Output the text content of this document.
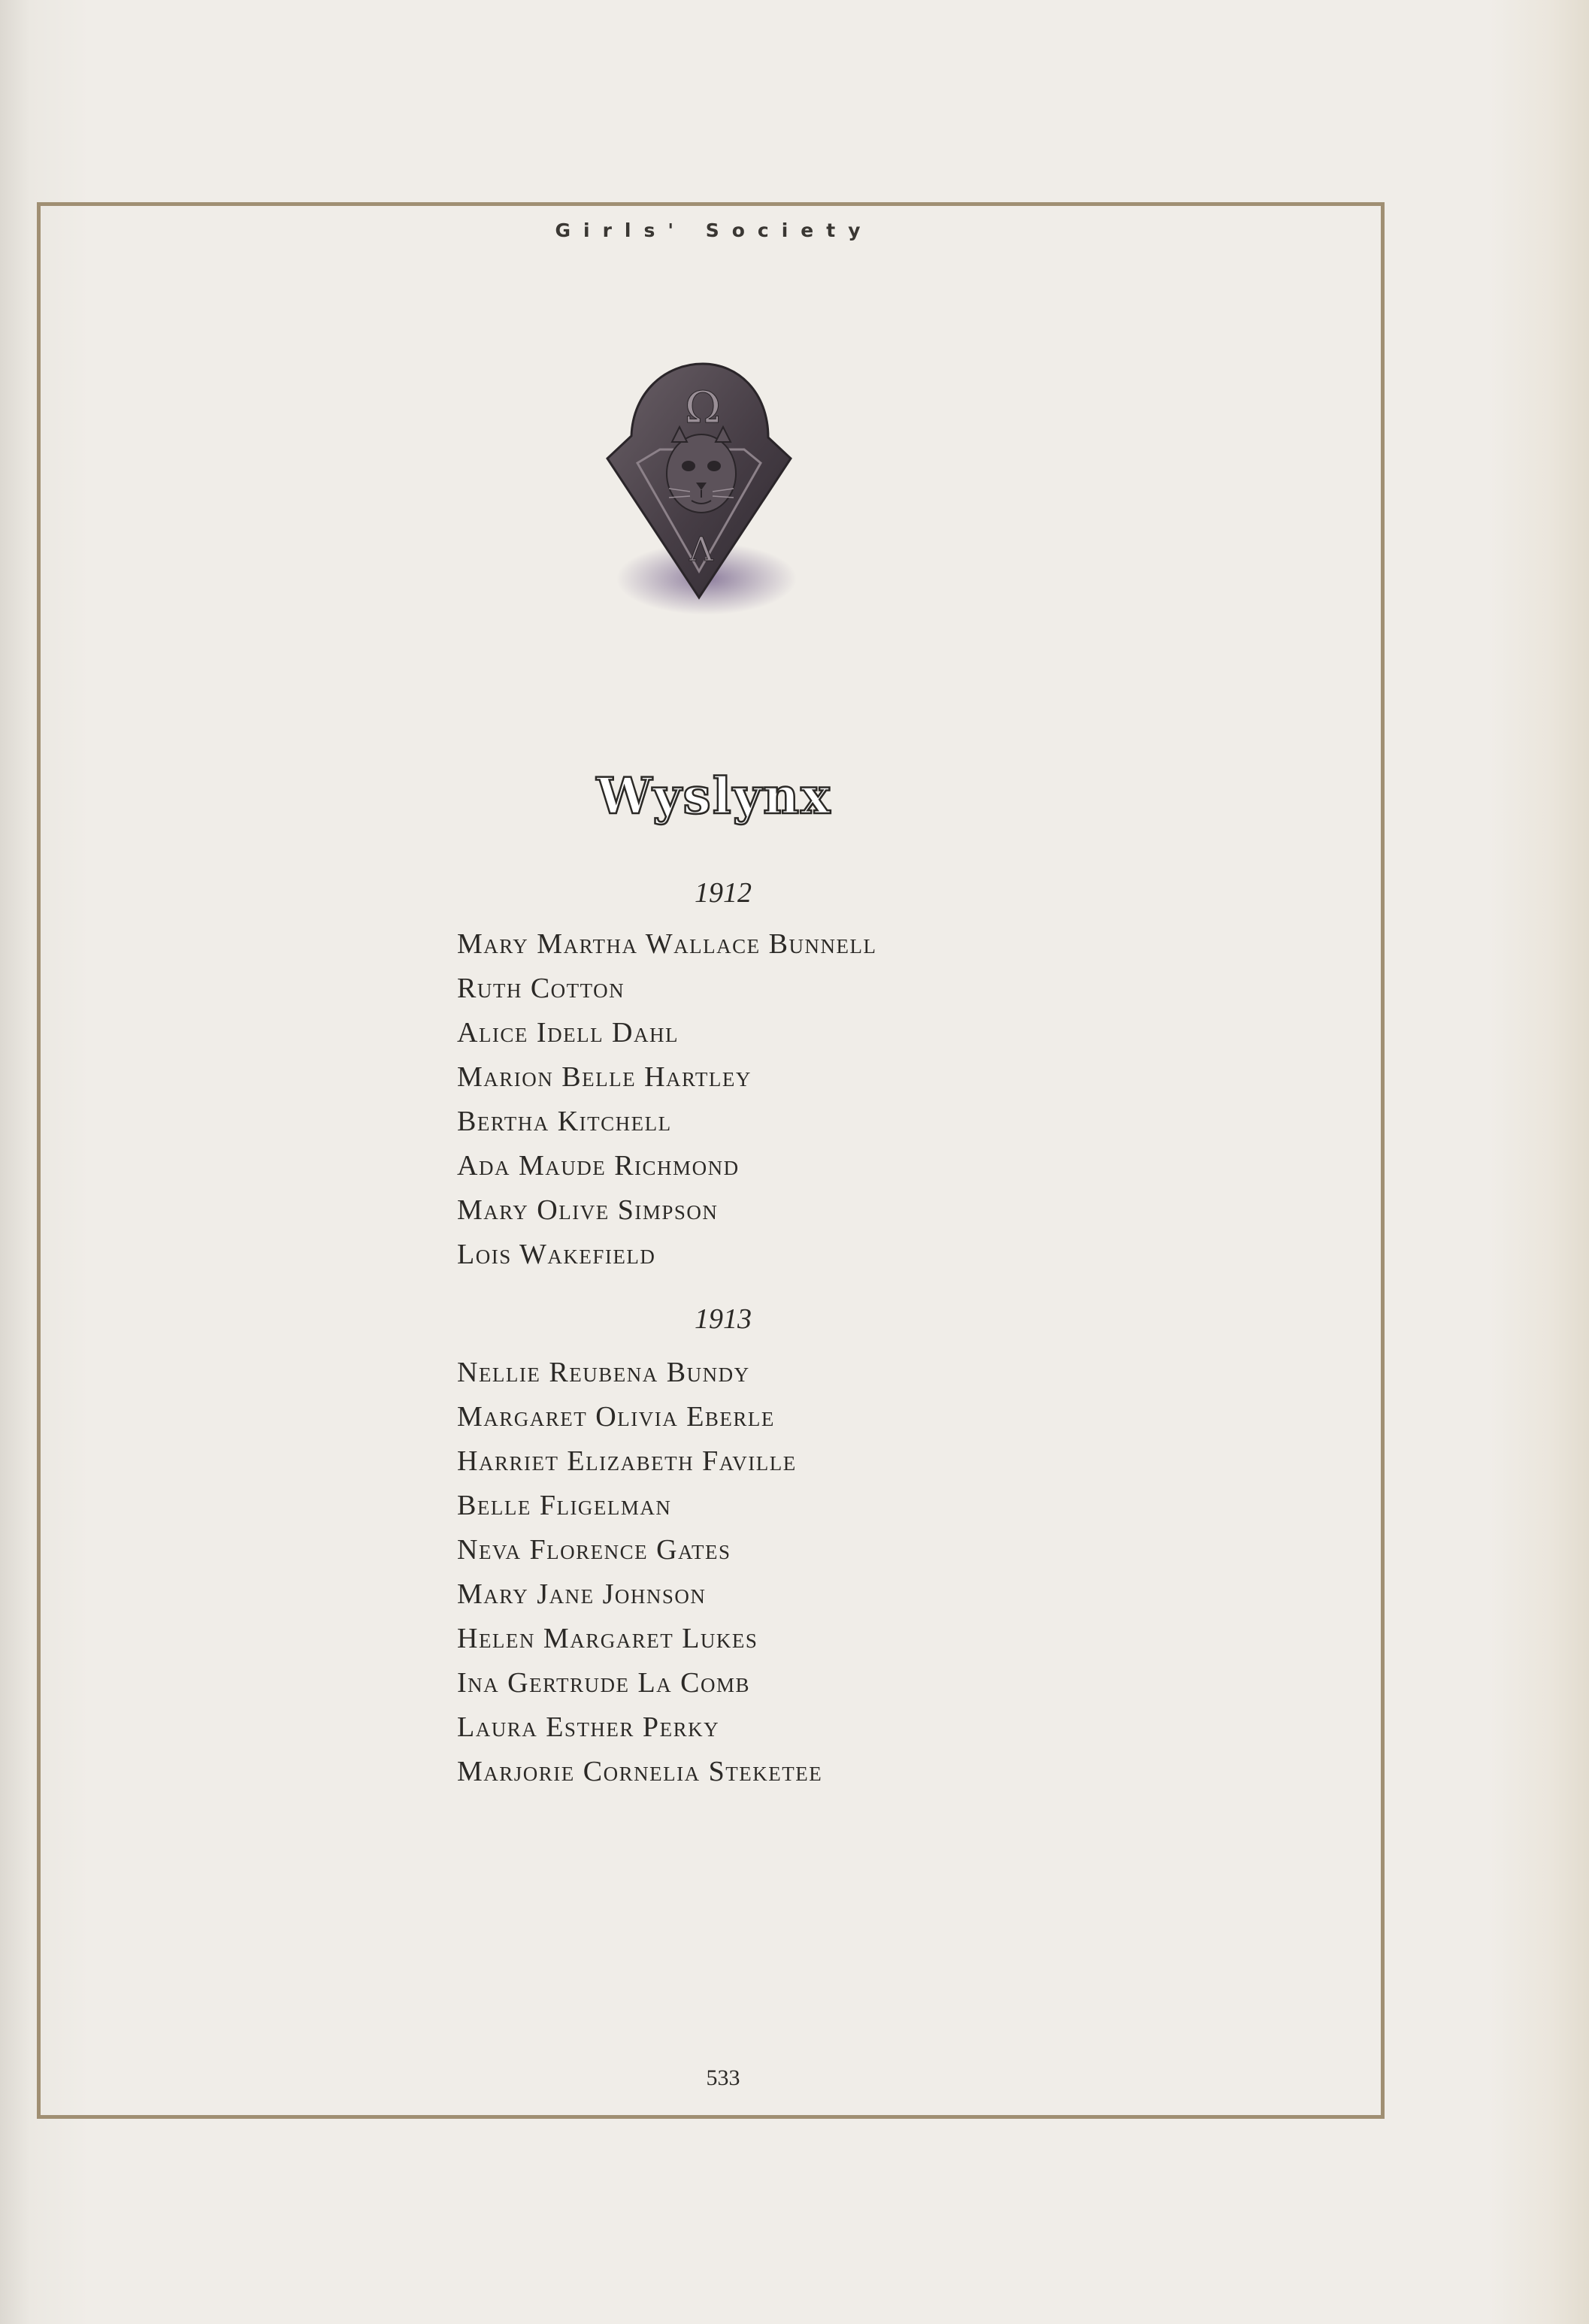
Girls' Society
Ω
Λ
Wyslynx
1912
Mary Martha Wallace Bunnell
Ruth Cotton
Alice Idell Dahl
Marion Belle Hartley
Bertha Kitchell
Ada Maude Richmond
Mary Olive Simpson
Lois Wakefield
1913
Nellie Reubena Bundy
Margaret Olivia Eberle
Harriet Elizabeth Faville
Belle Fligelman
Neva Florence Gates
Mary Jane Johnson
Helen Margaret Lukes
Ina Gertrude La Comb
Laura Esther Perky
Marjorie Cornelia Steketee
533
